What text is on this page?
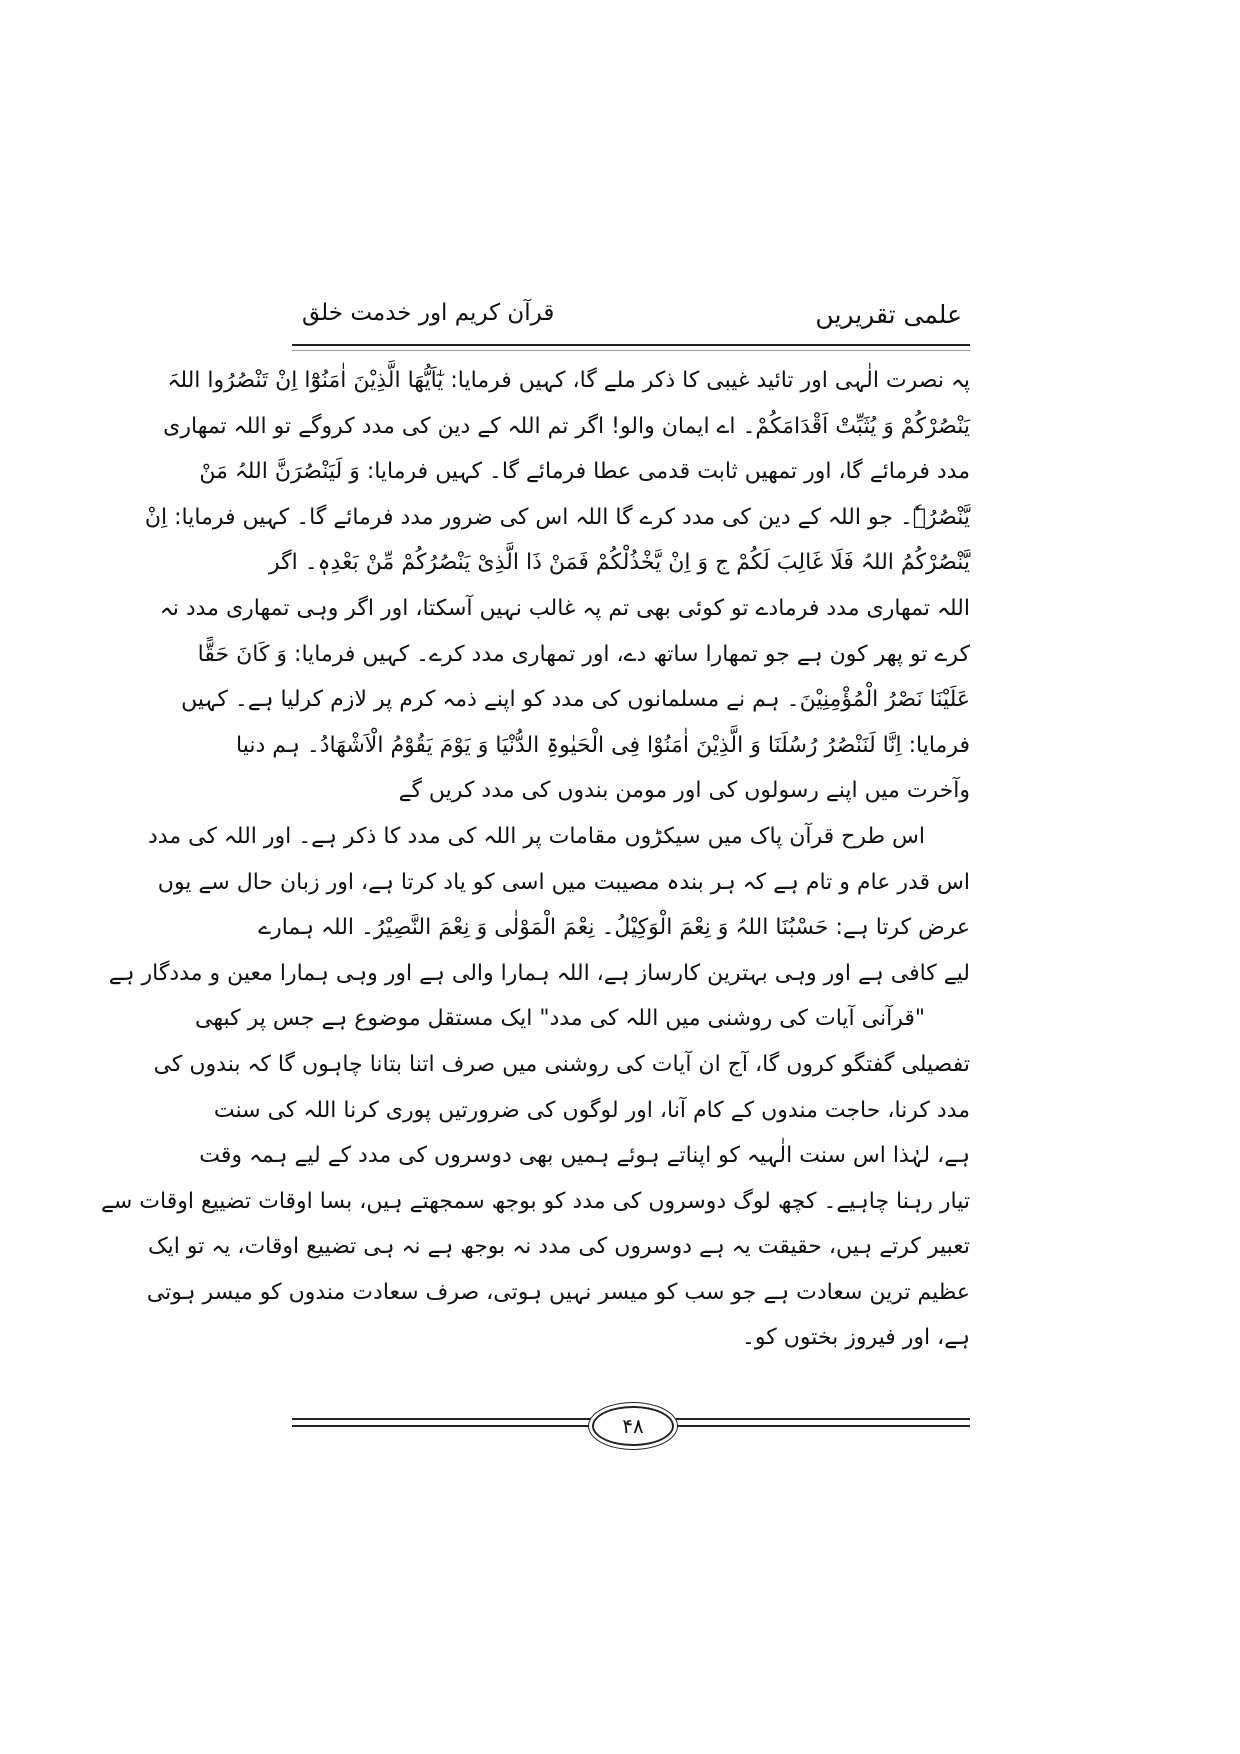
علمی تقریریں
قرآن کریم اور خدمت خلق
پہ نصرت الٰہی اور تائید غیبی کا ذکر ملے گا، کہیں فرمایا: یٰٓاَیُّھَا الَّذِیْنَ اٰمَنُوْٓا اِنْ تَنْصُرُوا اللہَ
یَنْصُرْکُمْ وَ یُثَبِّتْ اَقْدَامَکُمْ۔ اے ایمان والو! اگر تم اللہ کے دین کی مدد کروگے تو اللہ تمھاری
مدد فرمائے گا، اور تمھیں ثابت قدمی عطا فرمائے گا۔ کہیں فرمایا: وَ لَیَنْصُرَنَّ اللہُ مَنْ
یَّنْصُرُہٗ۔ جو اللہ کے دین کی مدد کرے گا اللہ اس کی ضرور مدد فرمائے گا۔ کہیں فرمایا: اِنْ
یَّنْصُرْکُمُ اللہُ فَلَا غَالِبَ لَکُمْ ج وَ اِنْ یَّخْذُلْکُمْ فَمَنْ ذَا الَّذِیْ یَنْصُرُکُمْ مِّنْ بَعْدِہٖ۔ اگر
اللہ تمھاری مدد فرمادے تو کوئی بھی تم پہ غالب نہیں آسکتا، اور اگر وہی تمھاری مدد نہ
کرے تو پھر کون ہے جو تمھارا ساتھ دے، اور تمھاری مدد کرے۔ کہیں فرمایا: وَ کَانَ حَقًّا
عَلَیْنَا نَصْرُ الْمُؤْمِنِیْنَ۔ ہم نے مسلمانوں کی مدد کو اپنے ذمہ کرم پر لازم کرلیا ہے۔ کہیں
فرمایا: اِنَّا لَنَنْصُرُ رُسُلَنَا وَ الَّذِیْنَ اٰمَنُوْا فِی الْحَیٰوۃِ الدُّنْیَا وَ یَوْمَ یَقُوْمُ الْاَشْھَادُ۔ ہم دنیا
وآخرت میں اپنے رسولوں کی اور مومن بندوں کی مدد کریں گے
اس طرح قرآن پاک میں سیکڑوں مقامات پر اللہ کی مدد کا ذکر ہے۔ اور اللہ کی مدد
اس قدر عام و تام ہے کہ ہر بندہ مصیبت میں اسی کو یاد کرتا ہے، اور زبان حال سے یوں
عرض کرتا ہے: حَسْبُنَا اللہُ وَ نِعْمَ الْوَکِیْلُ۔ نِعْمَ الْمَوْلٰی وَ نِعْمَ النَّصِیْرُ۔ اللہ ہمارے
لیے کافی ہے اور وہی بہترین کارساز ہے، اللہ ہمارا والی ہے اور وہی ہمارا معین و مددگار ہے
"قرآنی آیات کی روشنی میں اللہ کی مدد" ایک مستقل موضوع ہے جس پر کبھی
تفصیلی گفتگو کروں گا، آج ان آیات کی روشنی میں صرف اتنا بتانا چاہوں گا کہ بندوں کی
مدد کرنا، حاجت مندوں کے کام آنا، اور لوگوں کی ضرورتیں پوری کرنا اللہ کی سنت
ہے، لہٰذا اس سنت الٰہیہ کو اپناتے ہوئے ہمیں بھی دوسروں کی مدد کے لیے ہمہ وقت
تیار رہنا چاہیے۔ کچھ لوگ دوسروں کی مدد کو بوجھ سمجھتے ہیں، بسا اوقات تضییع اوقات سے
تعبیر کرتے ہیں، حقیقت یہ ہے دوسروں کی مدد نہ بوجھ ہے نہ ہی تضییع اوقات، یہ تو ایک
عظیم ترین سعادت ہے جو سب کو میسر نہیں ہوتی، صرف سعادت مندوں کو میسر ہوتی
ہے، اور فیروز بختوں کو۔
۴۸
